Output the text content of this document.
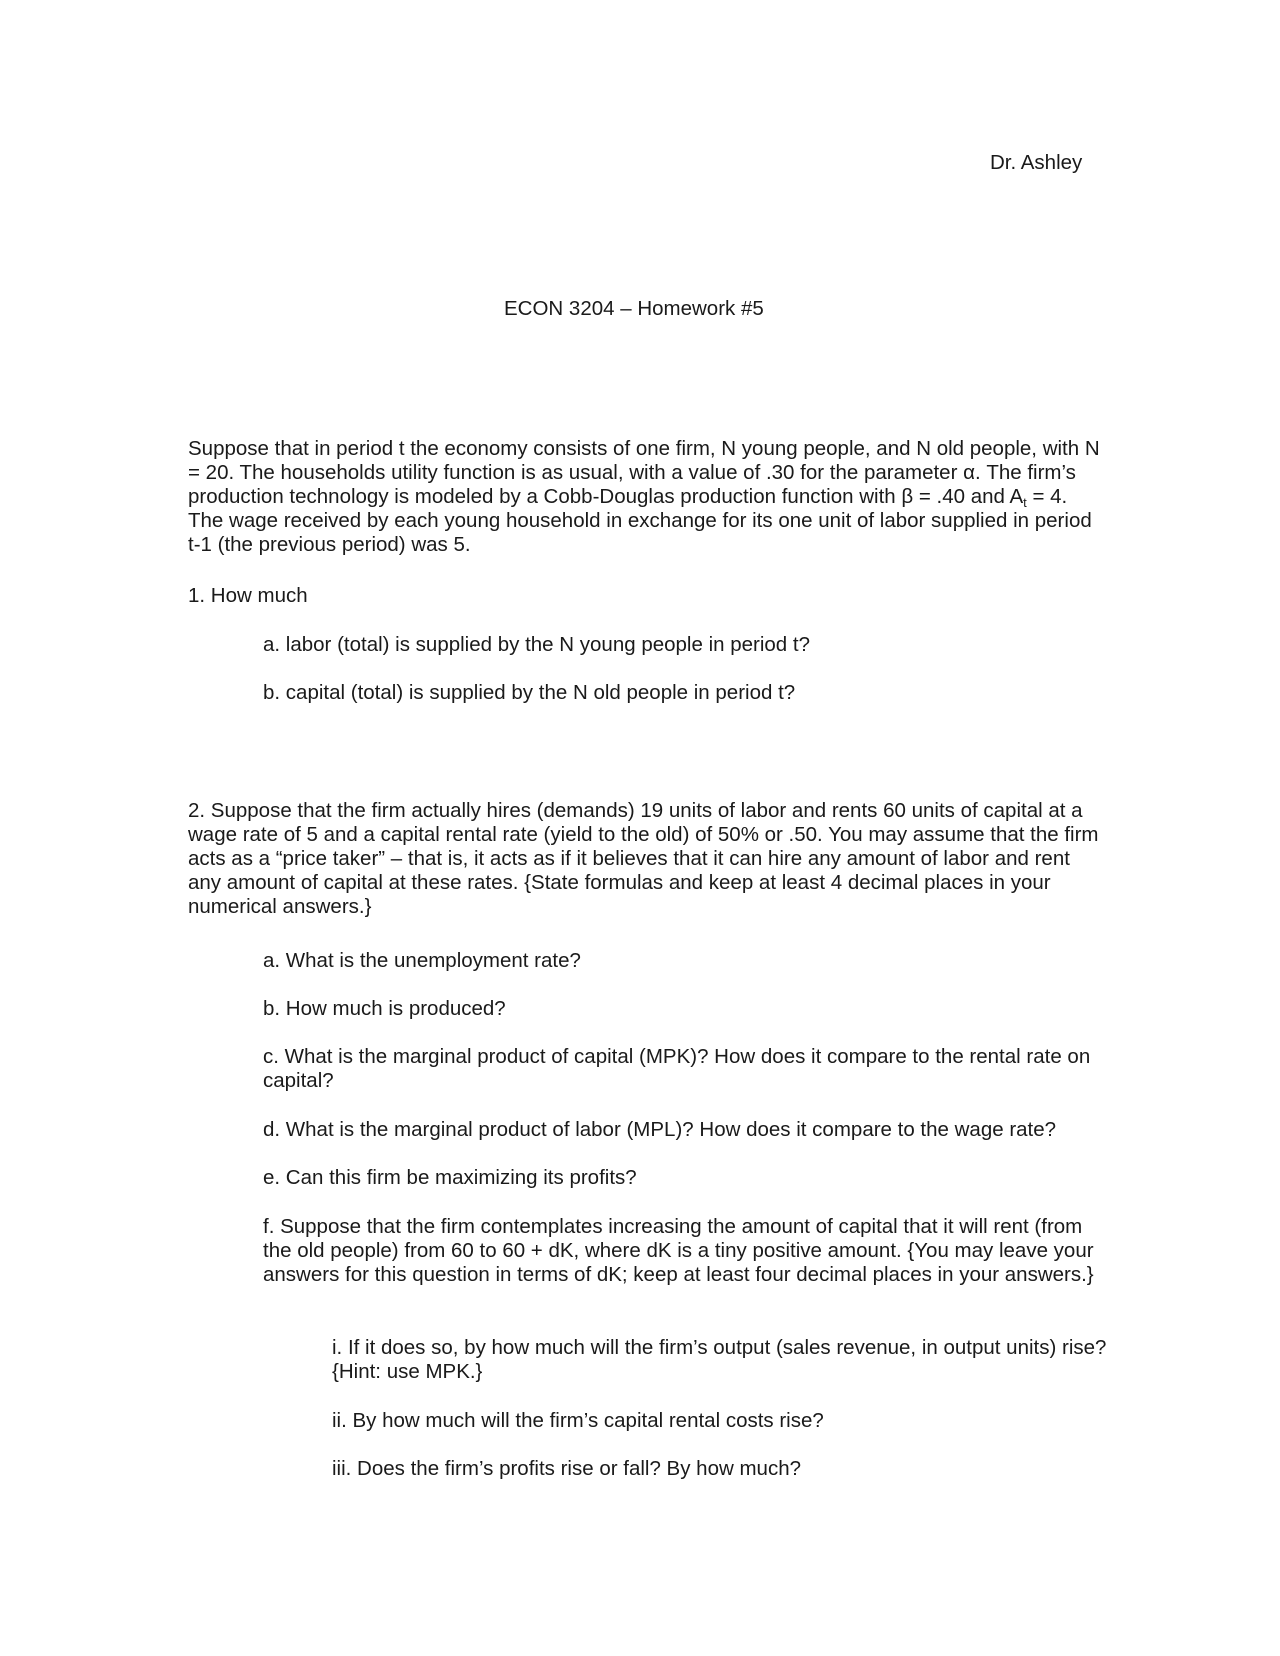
Dr. Ashley

ECON 3204 – Homework #5

Suppose that in period t the economy consists of one firm, N young people, and N old people, with N = 20. The households utility function is as usual, with a value of .30 for the parameter α. The firm’s production technology is modeled by a Cobb-Douglas production function with β = .40 and $A_t = 4$. The wage received by each young household in exchange for its one unit of labor supplied in period t-1 (the previous period) was 5.

1. How much

a. labor (total) is supplied by the N young people in period t?

b. capital (total) is supplied by the N old people in period t?

2. Suppose that the firm actually hires (demands) 19 units of labor and rents 60 units of capital at a wage rate of 5 and a capital rental rate (yield to the old) of 50% or .50. You may assume that the firm acts as a “price taker” – that is, it acts as if it believes that it can hire any amount of labor and rent any amount of capital at these rates. {State formulas and keep at least 4 decimal places in your numerical answers.}

a. What is the unemployment rate?

b. How much is produced?

c. What is the marginal product of capital (MPK)? How does it compare to the rental rate on capital?

d. What is the marginal product of labor (MPL)? How does it compare to the wage rate?

e. Can this firm be maximizing its profits?

f. Suppose that the firm contemplates increasing the amount of capital that it will rent (from the old people) from 60 to 60 + dK, where dK is a tiny positive amount. {You may leave your answers for this question in terms of dK; keep at least four decimal places in your answers.}

i. If it does so, by how much will the firm’s output (sales revenue, in output units) rise? {Hint: use MPK.}

ii. By how much will the firm’s capital rental costs rise?

iii. Does the firm’s profits rise or fall? By how much?
